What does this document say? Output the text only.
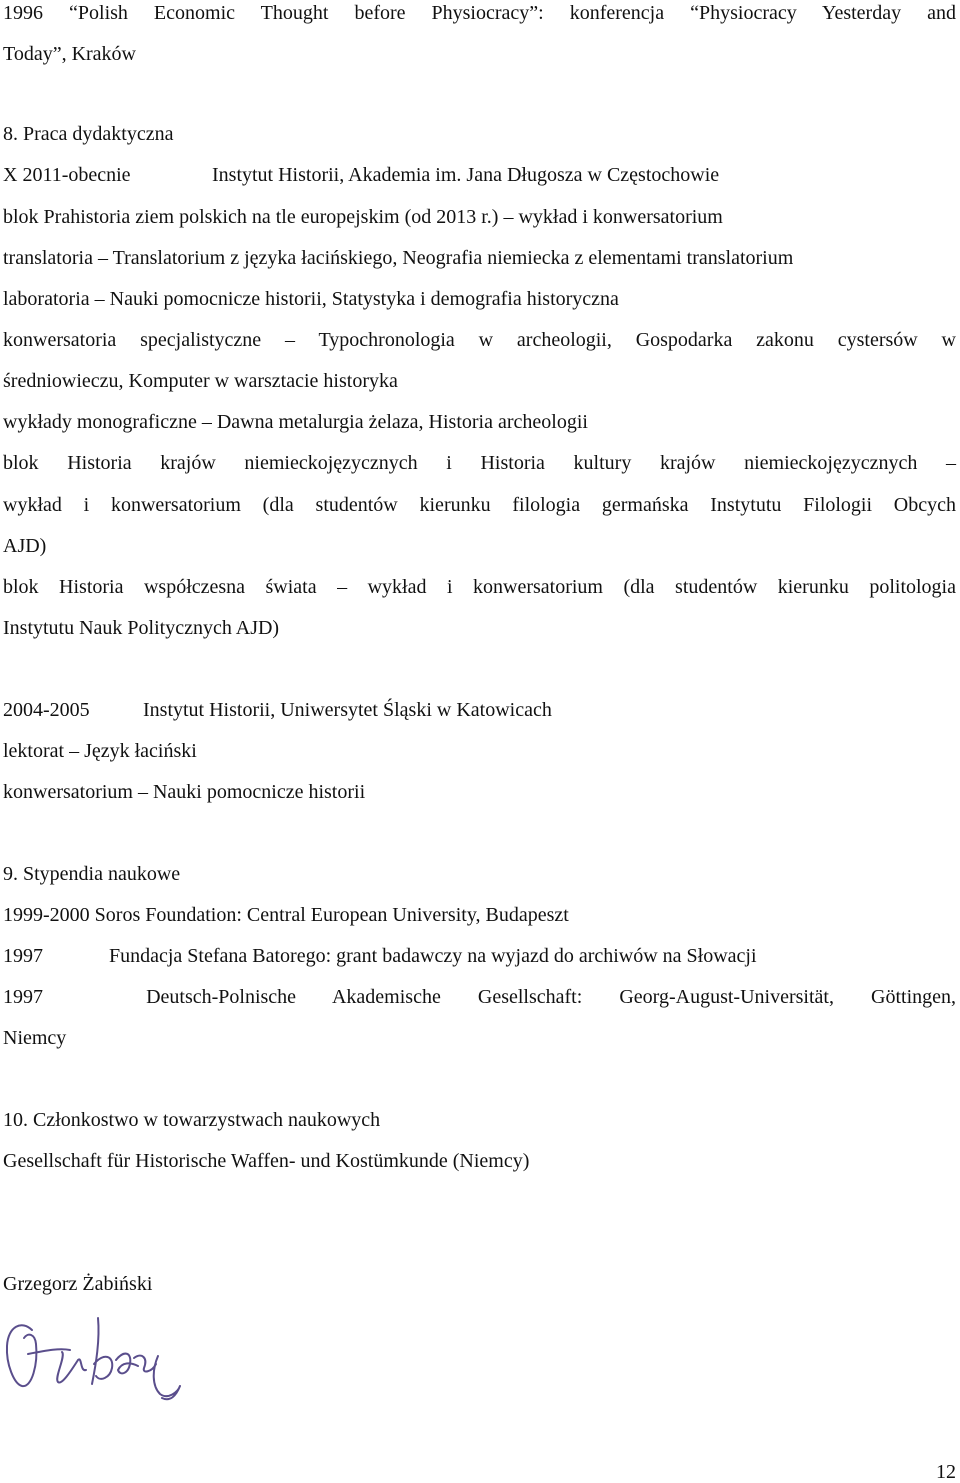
1996 “Polish Economic Thought before Physiocracy”: konferencja “Physiocracy Yesterday and

Today”, Kraków

8. Praca dydaktyczna

X 2011-obecnie	Instytut Historii, Akademia im. Jana Długosza w Częstochowie

blok Prahistoria ziem polskich na tle europejskim (od 2013 r.) – wykład i konwersatorium

translatoria – Translatorium z języka łacińskiego, Neografia niemiecka z elementami translatorium

laboratoria – Nauki pomocnicze historii, Statystyka i demografia historyczna

konwersatoria specjalistyczne – Typochronologia w archeologii, Gospodarka zakonu cystersów w

średniowieczu, Komputer w warsztacie historyka

wykłady monograficzne – Dawna metalurgia żelaza, Historia archeologii

blok Historia krajów niemieckojęzycznych i Historia kultury krajów niemieckojęzycznych –

wykład i konwersatorium (dla studentów kierunku filologia germańska Instytutu Filologii Obcych

AJD)

blok Historia współczesna świata – wykład i konwersatorium (dla studentów kierunku politologia

Instytutu Nauk Politycznych AJD)

2004-2005	Instytut Historii, Uniwersytet Śląski w Katowicach

lektorat – Język łaciński

konwersatorium – Nauki pomocnicze historii

9. Stypendia naukowe

1999-2000 Soros Foundation: Central European University, Budapeszt

1997	Fundacja Stefana Batorego: grant badawczy na wyjazd do archiwów na Słowacji

1997	Deutsch-Polnische Akademische Gesellschaft: Georg-August-Universität, Göttingen,

Niemcy

10. Członkostwo w towarzystwach naukowych

Gesellschaft für Historische Waffen- und Kostümkunde (Niemcy)

Grzegorz Żabiński

12
